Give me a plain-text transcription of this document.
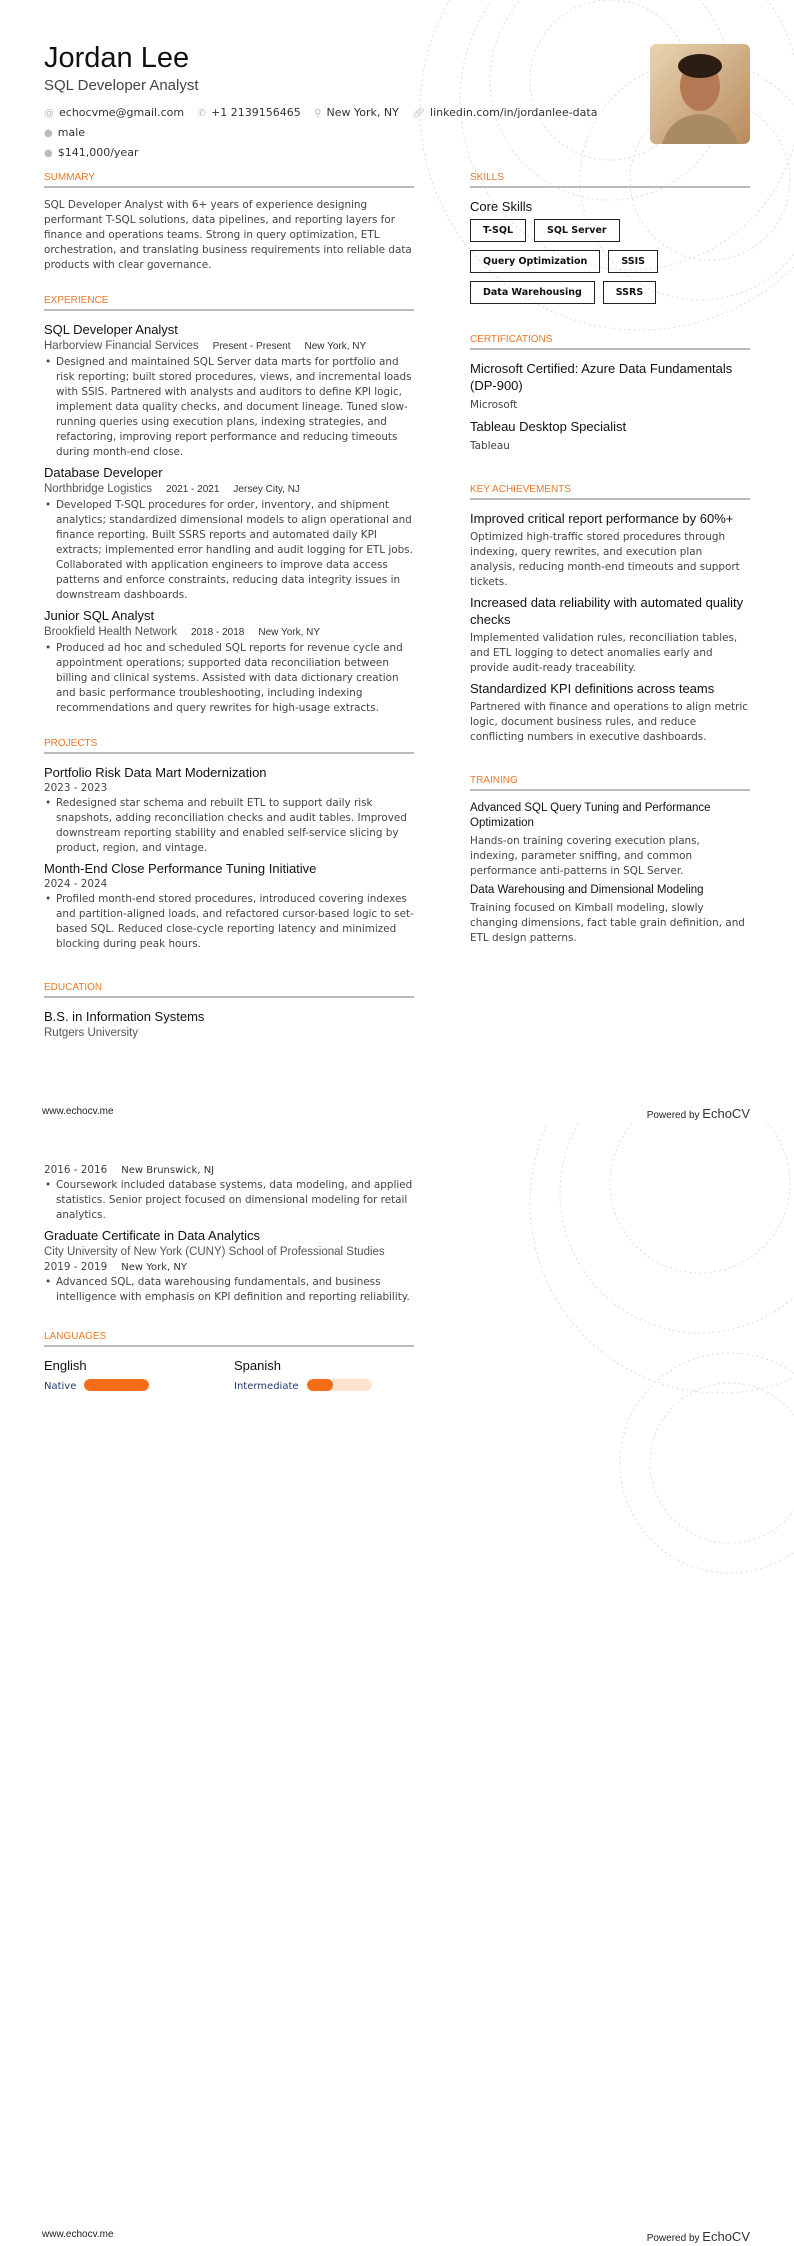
Jordan Lee
SQL Developer Analyst
@ echocvme@gmail.com ✆ +1 2139156465 ⚲ New York, NY 🔗︎ linkedin.com/in/jordanlee-data ● male
● $141,000/year
SUMMARY
SQL Developer Analyst with 6+ years of experience designing performant T-SQL solutions, data pipelines, and reporting layers for finance and operations teams. Strong in query optimization, ETL orchestration, and translating business requirements into reliable data products with clear governance.
EXPERIENCE
SQL Developer Analyst
Harborview Financial Services Present - Present New York, NY
• Designed and maintained SQL Server data marts for portfolio and risk reporting; built stored procedures, views, and incremental loads with SSIS. Partnered with analysts and auditors to define KPI logic, implement data quality checks, and document lineage. Tuned slow-running queries using execution plans, indexing strategies, and refactoring, improving report performance and reducing timeouts during month-end close.
Database Developer
Northbridge Logistics 2021 - 2021 Jersey City, NJ
• Developed T-SQL procedures for order, inventory, and shipment analytics; standardized dimensional models to align operational and finance reporting. Built SSRS reports and automated daily KPI extracts; implemented error handling and audit logging for ETL jobs. Collaborated with application engineers to improve data access patterns and enforce constraints, reducing data integrity issues in downstream dashboards.
Junior SQL Analyst
Brookfield Health Network 2018 - 2018 New York, NY
• Produced ad hoc and scheduled SQL reports for revenue cycle and appointment operations; supported data reconciliation between billing and clinical systems. Assisted with data dictionary creation and basic performance troubleshooting, including indexing recommendations and query rewrites for high-usage extracts.
PROJECTS
Portfolio Risk Data Mart Modernization
2023 - 2023
• Redesigned star schema and rebuilt ETL to support daily risk snapshots, adding reconciliation checks and audit tables. Improved downstream reporting stability and enabled self-service slicing by product, region, and vintage.
Month-End Close Performance Tuning Initiative
2024 - 2024
• Profiled month-end stored procedures, introduced covering indexes and partition-aligned loads, and refactored cursor-based logic to set-based SQL. Reduced close-cycle reporting latency and minimized blocking during peak hours.
EDUCATION
B.S. in Information Systems
Rutgers University
SKILLS
Core Skills
T-SQL	SQL Server
Query Optimization	SSIS
Data Warehousing	SSRS
CERTIFICATIONS
Microsoft Certified: Azure Data Fundamentals (DP-900)
Microsoft
Tableau Desktop Specialist
Tableau
KEY ACHIEVEMENTS
Improved critical report performance by 60%+
Optimized high-traffic stored procedures through indexing, query rewrites, and execution plan analysis, reducing month-end timeouts and support tickets.
Increased data reliability with automated quality checks
Implemented validation rules, reconciliation tables, and ETL logging to detect anomalies early and provide audit-ready traceability.
Standardized KPI definitions across teams
Partnered with finance and operations to align metric logic, document business rules, and reduce conflicting numbers in executive dashboards.
TRAINING
Advanced SQL Query Tuning and Performance Optimization
Hands-on training covering execution plans, indexing, parameter sniffing, and common performance anti-patterns in SQL Server.
Data Warehousing and Dimensional Modeling
Training focused on Kimball modeling, slowly changing dimensions, fact table grain definition, and ETL design patterns.
www.echocv.me	Powered by EchoCV
2016 - 2016 New Brunswick, NJ
• Coursework included database systems, data modeling, and applied statistics. Senior project focused on dimensional modeling for retail analytics.
Graduate Certificate in Data Analytics
City University of New York (CUNY) School of Professional Studies
2019 - 2019 New York, NY
• Advanced SQL, data warehousing fundamentals, and business intelligence with emphasis on KPI definition and reporting reliability.
LANGUAGES
English
Native
Spanish
Intermediate
www.echocv.me	Powered by EchoCV
